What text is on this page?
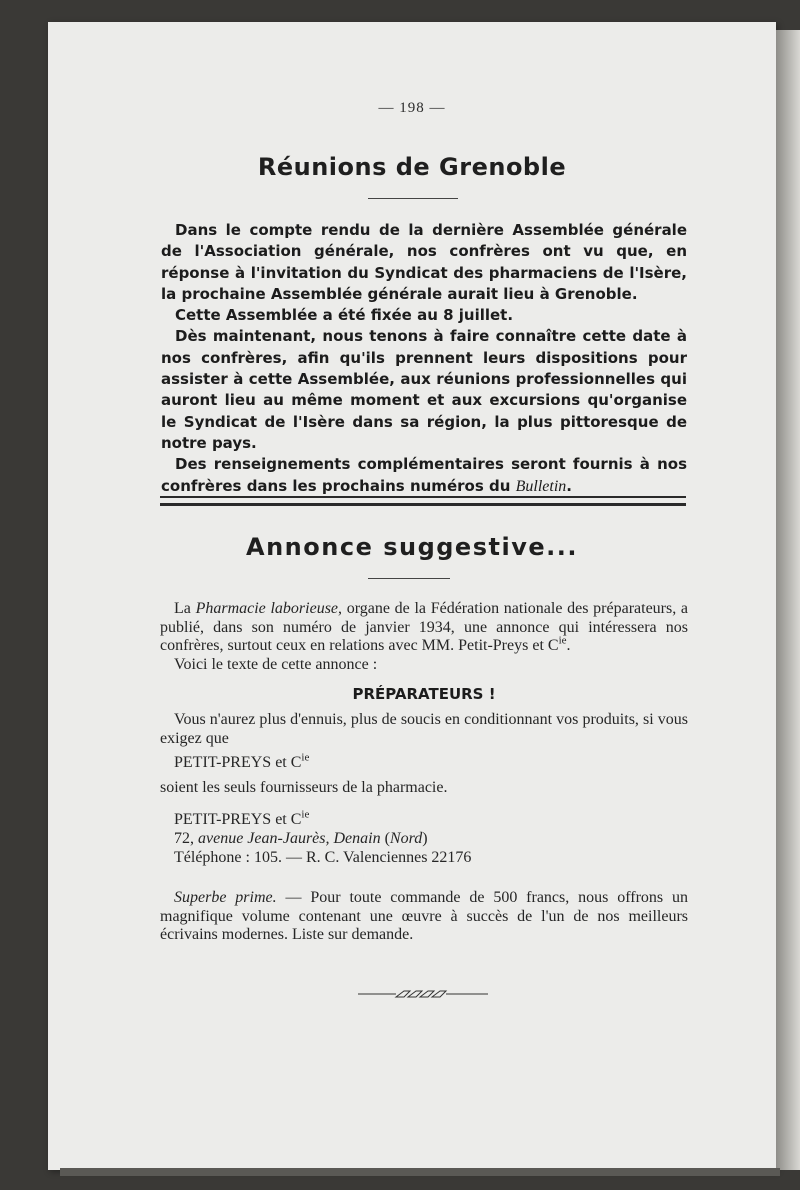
— 198 —
Réunions de Grenoble

Dans le compte rendu de la dernière Assemblée générale de l'Association générale, nos confrères ont vu que, en réponse à l'invitation du Syndicat des pharmaciens de l'Isère, la prochaine Assemblée générale aurait lieu à Grenoble.

Cette Assemblée a été fixée au 8 juillet.

Dès maintenant, nous tenons à faire connaître cette date à nos confrères, afin qu'ils prennent leurs dispositions pour assister à cette Assemblée, aux réunions professionnelles qui auront lieu au même moment et aux excursions qu'organise le Syndicat de l'Isère dans sa région, la plus pittoresque de notre pays.

Des renseignements complémentaires seront fournis à nos confrères dans les prochains numéros du Bulletin.

Annonce suggestive...

La Pharmacie laborieuse, organe de la Fédération nationale des préparateurs, a publié, dans son numéro de janvier 1934, une annonce qui intéressera nos confrères, surtout ceux en relations avec MM. Petit-Preys et $C^{ie}$.

Voici le texte de cette annonce :

PRÉPARATEURS !

Vous n'aurez plus d'ennuis, plus de soucis en conditionnant vos produits, si vous exigez que

PETIT-PREYS et $C^{ie}$

soient les seuls fournisseurs de la pharmacie.

PETIT-PREYS et $C^{ie}$

72, avenue Jean-Jaurès, Denain (Nord)

Téléphone : 105. — R. C. Valenciennes 22176

Superbe prime. — Pour toute commande de 500 francs, nous offrons un magnifique volume contenant une œuvre à succès de l'un de nos meilleurs écrivains modernes. Liste sur demande.
